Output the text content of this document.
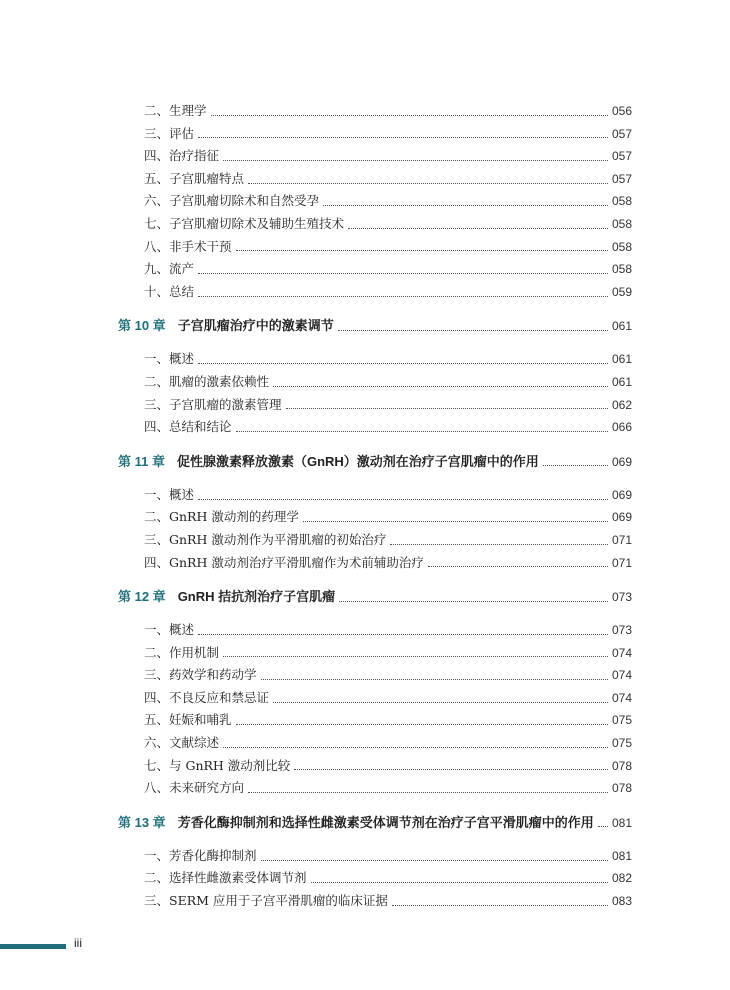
二、生理学	056
三、评估	057
四、治疗指征	057
五、子宫肌瘤特点	057
六、子宫肌瘤切除术和自然受孕	058
七、子宫肌瘤切除术及辅助生殖技术	058
八、非手术干预	058
九、流产	058
十、总结	059
第 10 章 子宫肌瘤治疗中的激素调节	061
一、概述	061
二、肌瘤的激素依赖性	061
三、子宫肌瘤的激素管理	062
四、总结和结论	066
第 11 章 促性腺激素释放激素（GnRH）激动剂在治疗子宫肌瘤中的作用	069
一、概述	069
二、GnRH 激动剂的药理学	069
三、GnRH 激动剂作为平滑肌瘤的初始治疗	071
四、GnRH 激动剂治疗平滑肌瘤作为术前辅助治疗	071
第 12 章 GnRH 拮抗剂治疗子宫肌瘤	073
一、概述	073
二、作用机制	074
三、药效学和药动学	074
四、不良反应和禁忌证	074
五、妊娠和哺乳	075
六、文献综述	075
七、与 GnRH 激动剂比较	078
八、未来研究方向	078
第 13 章 芳香化酶抑制剂和选择性雌激素受体调节剂在治疗子宫平滑肌瘤中的作用 081
一、芳香化酶抑制剂	081
二、选择性雌激素受体调节剂	082
三、SERM 应用于子宫平滑肌瘤的临床证据	083
iii
